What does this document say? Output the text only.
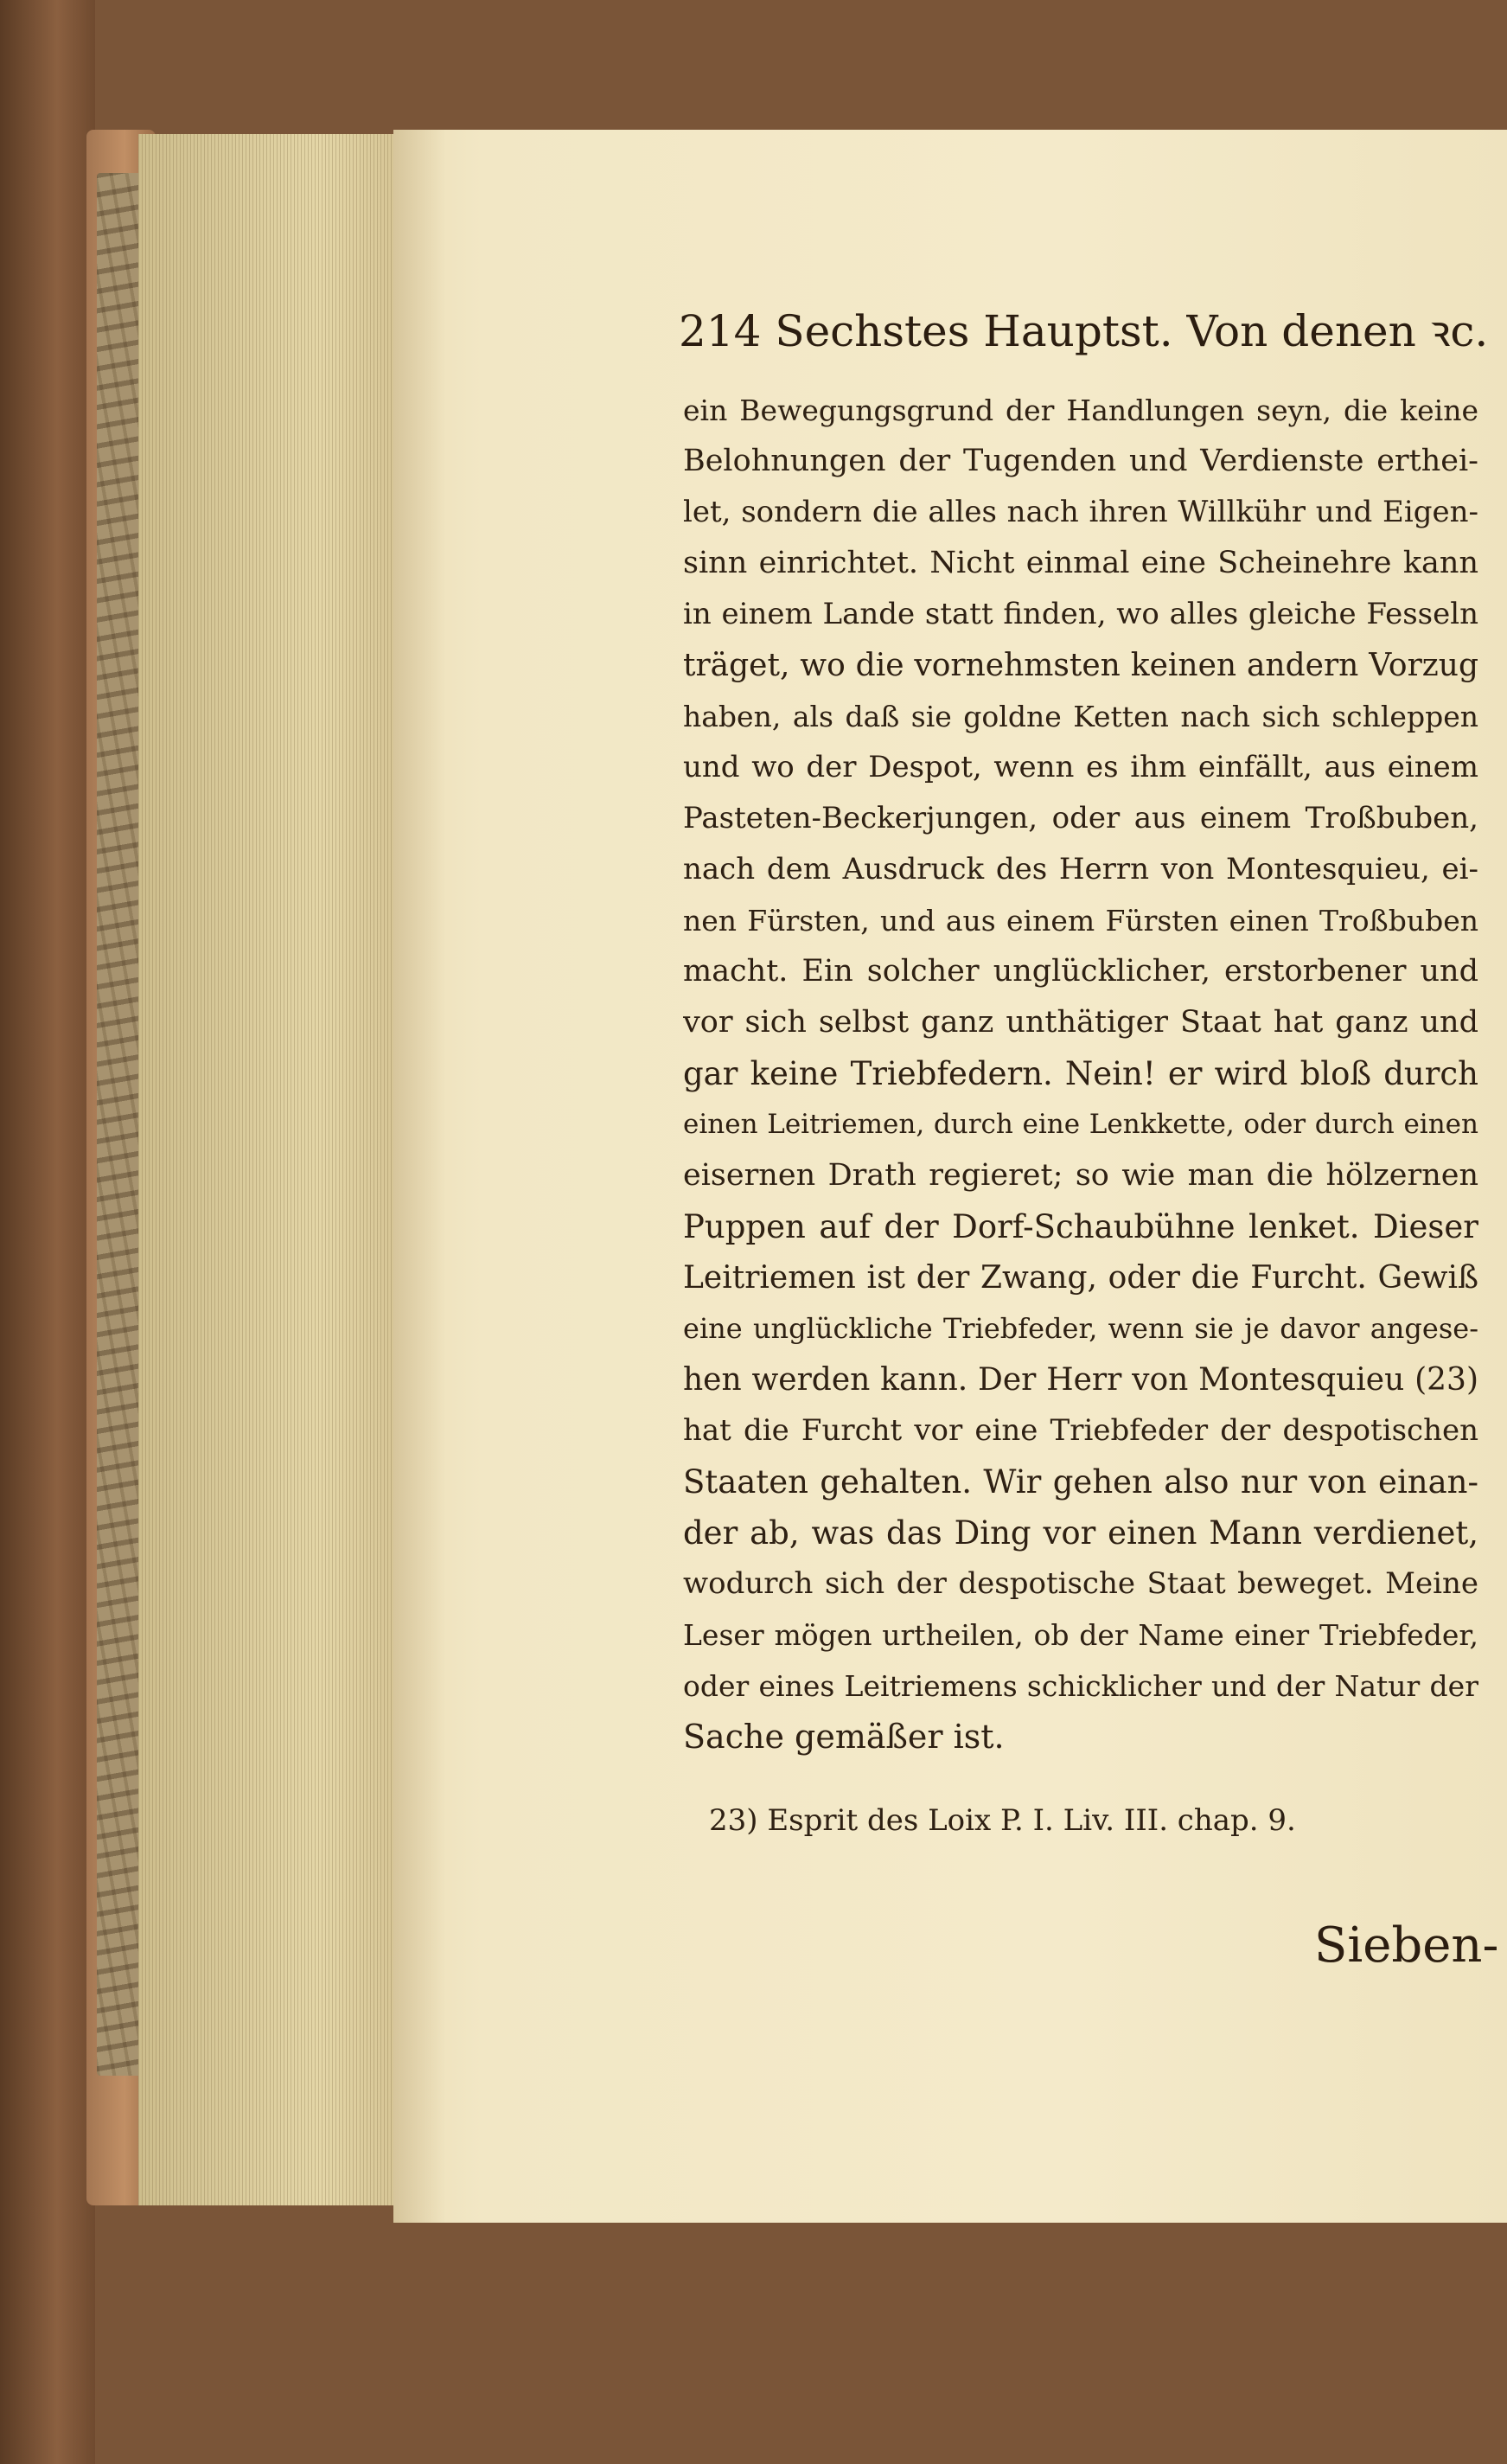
214 Sechstes Hauptst. Von denen ꝛc.
ein Bewegungsgrund der Handlungen seyn, die keine
Belohnungen der Tugenden und Verdienste erthei-
let, sondern die alles nach ihren Willkühr und Eigen-
sinn einrichtet. Nicht einmal eine Scheinehre kann
in einem Lande statt finden, wo alles gleiche Fesseln
träget, wo die vornehmsten keinen andern Vorzug
haben, als daß sie goldne Ketten nach sich schleppen
und wo der Despot, wenn es ihm einfällt, aus einem
Pasteten-Beckerjungen, oder aus einem Troßbuben,
nach dem Ausdruck des Herrn von Montesquieu, ei-
nen Fürsten, und aus einem Fürsten einen Troßbuben
macht. Ein solcher unglücklicher, erstorbener und
vor sich selbst ganz unthätiger Staat hat ganz und
gar keine Triebfedern. Nein! er wird bloß durch
einen Leitriemen, durch eine Lenkkette, oder durch einen
eisernen Drath regieret; so wie man die hölzernen
Puppen auf der Dorf-Schaubühne lenket. Dieser
Leitriemen ist der Zwang, oder die Furcht. Gewiß
eine unglückliche Triebfeder, wenn sie je davor angese-
hen werden kann. Der Herr von Montesquieu (23)
hat die Furcht vor eine Triebfeder der despotischen
Staaten gehalten. Wir gehen also nur von einan-
der ab, was das Ding vor einen Mann verdienet,
wodurch sich der despotische Staat beweget. Meine
Leser mögen urtheilen, ob der Name einer Triebfeder,
oder eines Leitriemens schicklicher und der Natur der
Sache gemäßer ist.

23) Esprit des Loix P. I. Liv. III. chap. 9.

Sieben-
